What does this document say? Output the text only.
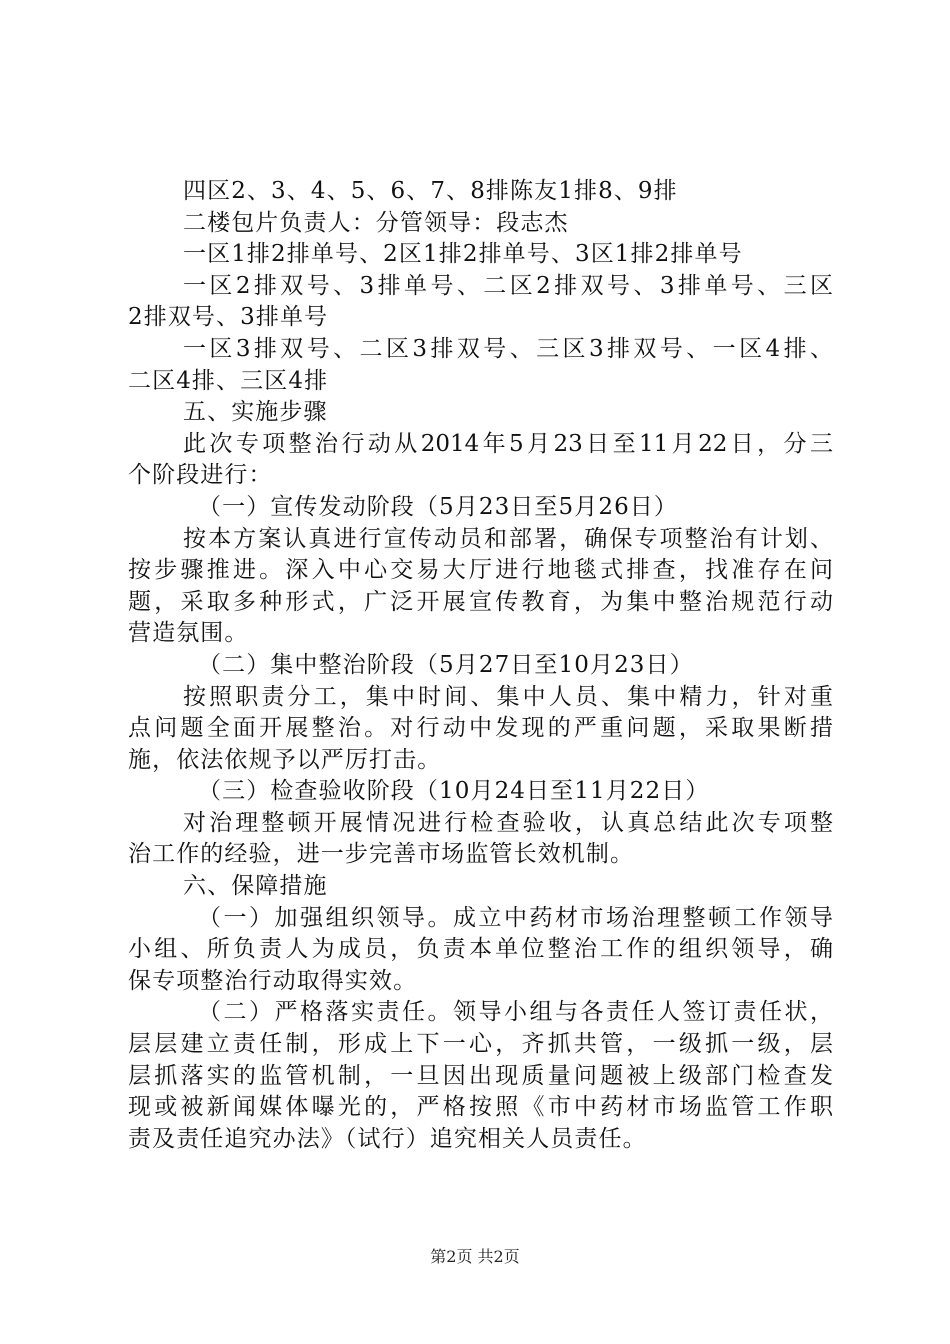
四区2、3、4、5、6、7、8排陈友1排8、9排
二楼包片负责人：分管领导：段志杰
一区1排2排单号、2区1排2排单号、3区1排2排单号
一区2排双号、3排单号、二区2排双号、3排单号、三区
2排双号、3排单号
一区3排双号、二区3排双号、三区3排双号、一区4排、
二区4排、三区4排
五、实施步骤
此次专项整治行动从2014年5月23日至11月22日，分三
个阶段进行：
（一）宣传发动阶段（5月23日至5月26日）
按本方案认真进行宣传动员和部署，确保专项整治有计划、
按步骤推进。深入中心交易大厅进行地毯式排查，找准存在问
题，采取多种形式，广泛开展宣传教育，为集中整治规范行动
营造氛围。
（二）集中整治阶段（5月27日至10月23日）
按照职责分工，集中时间、集中人员、集中精力，针对重
点问题全面开展整治。对行动中发现的严重问题，采取果断措
施，依法依规予以严厉打击。
（三）检查验收阶段（10月24日至11月22日）
对治理整顿开展情况进行检查验收，认真总结此次专项整
治工作的经验，进一步完善市场监管长效机制。
六、保障措施
（一）加强组织领导。成立中药材市场治理整顿工作领导
小组、所负责人为成员，负责本单位整治工作的组织领导，确
保专项整治行动取得实效。
（二）严格落实责任。领导小组与各责任人签订责任状，
层层建立责任制，形成上下一心，齐抓共管，一级抓一级，层
层抓落实的监管机制，一旦因出现质量问题被上级部门检查发
现或被新闻媒体曝光的，严格按照《市中药材市场监管工作职
责及责任追究办法》（试行）追究相关人员责任。
第2页 共2页
